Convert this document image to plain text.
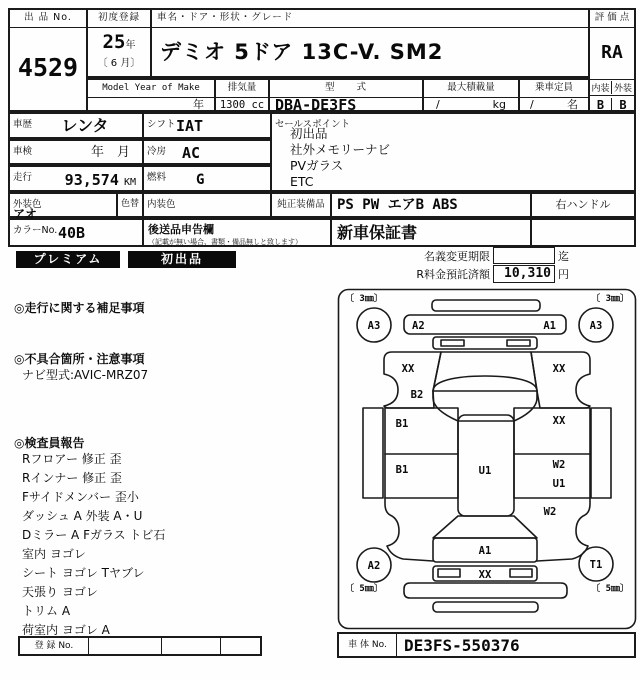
出 品 No.
4529
初度登録
25年
〔 6 月〕
車名・ドア・形状・グレード
デミオ 5ドア 13C-V. SM2
評 価 点
RA
内装 外装
B	B
Model Year of Make
年
排気量
1300 cc
型　　式
DBA-DE3FS
最大積載量
/	kg
乗車定員
/	名
車歴	レンタ	シフト IAT
車検	年　月	冷房	AC
走行	93,574 KM	燃料	G
外装色
アオ
色替 内装色
カラーNo. 40B	後送品申告欄
（記載が無い場合、書類・備品無しと致します）
セールスポイント
初出品
社外メモリーナビ
PVガラス
ETC
純正装備品 PS PW エアB ABS	右ハンドル
新車保証書
プレミアム	初出品	名義変更期限	迄
R料金預託済額	10,310 円
◎走行に関する補足事項
◎不具合箇所・注意事項
ナビ型式:AVIC-MRZ07
◎検査員報告
Rフロアー 修正 歪
Rインナー 修正 歪
Fサイドメンバー 歪小
ダッシュ A 外装 A・U
Dミラー A Fガラス トビ石
室内 ヨゴレ
シート ヨゴレ Tヤブレ
天張り ヨゴレ
トリム A
荷室内 ヨゴレ A
〔 3㎜〕	〔 3㎜〕
〔 5㎜〕	〔 5㎜〕
A3	A3
A2	T1
A2	A1
XX	XX
B2
B1
B1
XX
W2
U1
W2
U1
A1
XX
登 録 No.	車 体 No.	DE3FS-550376
